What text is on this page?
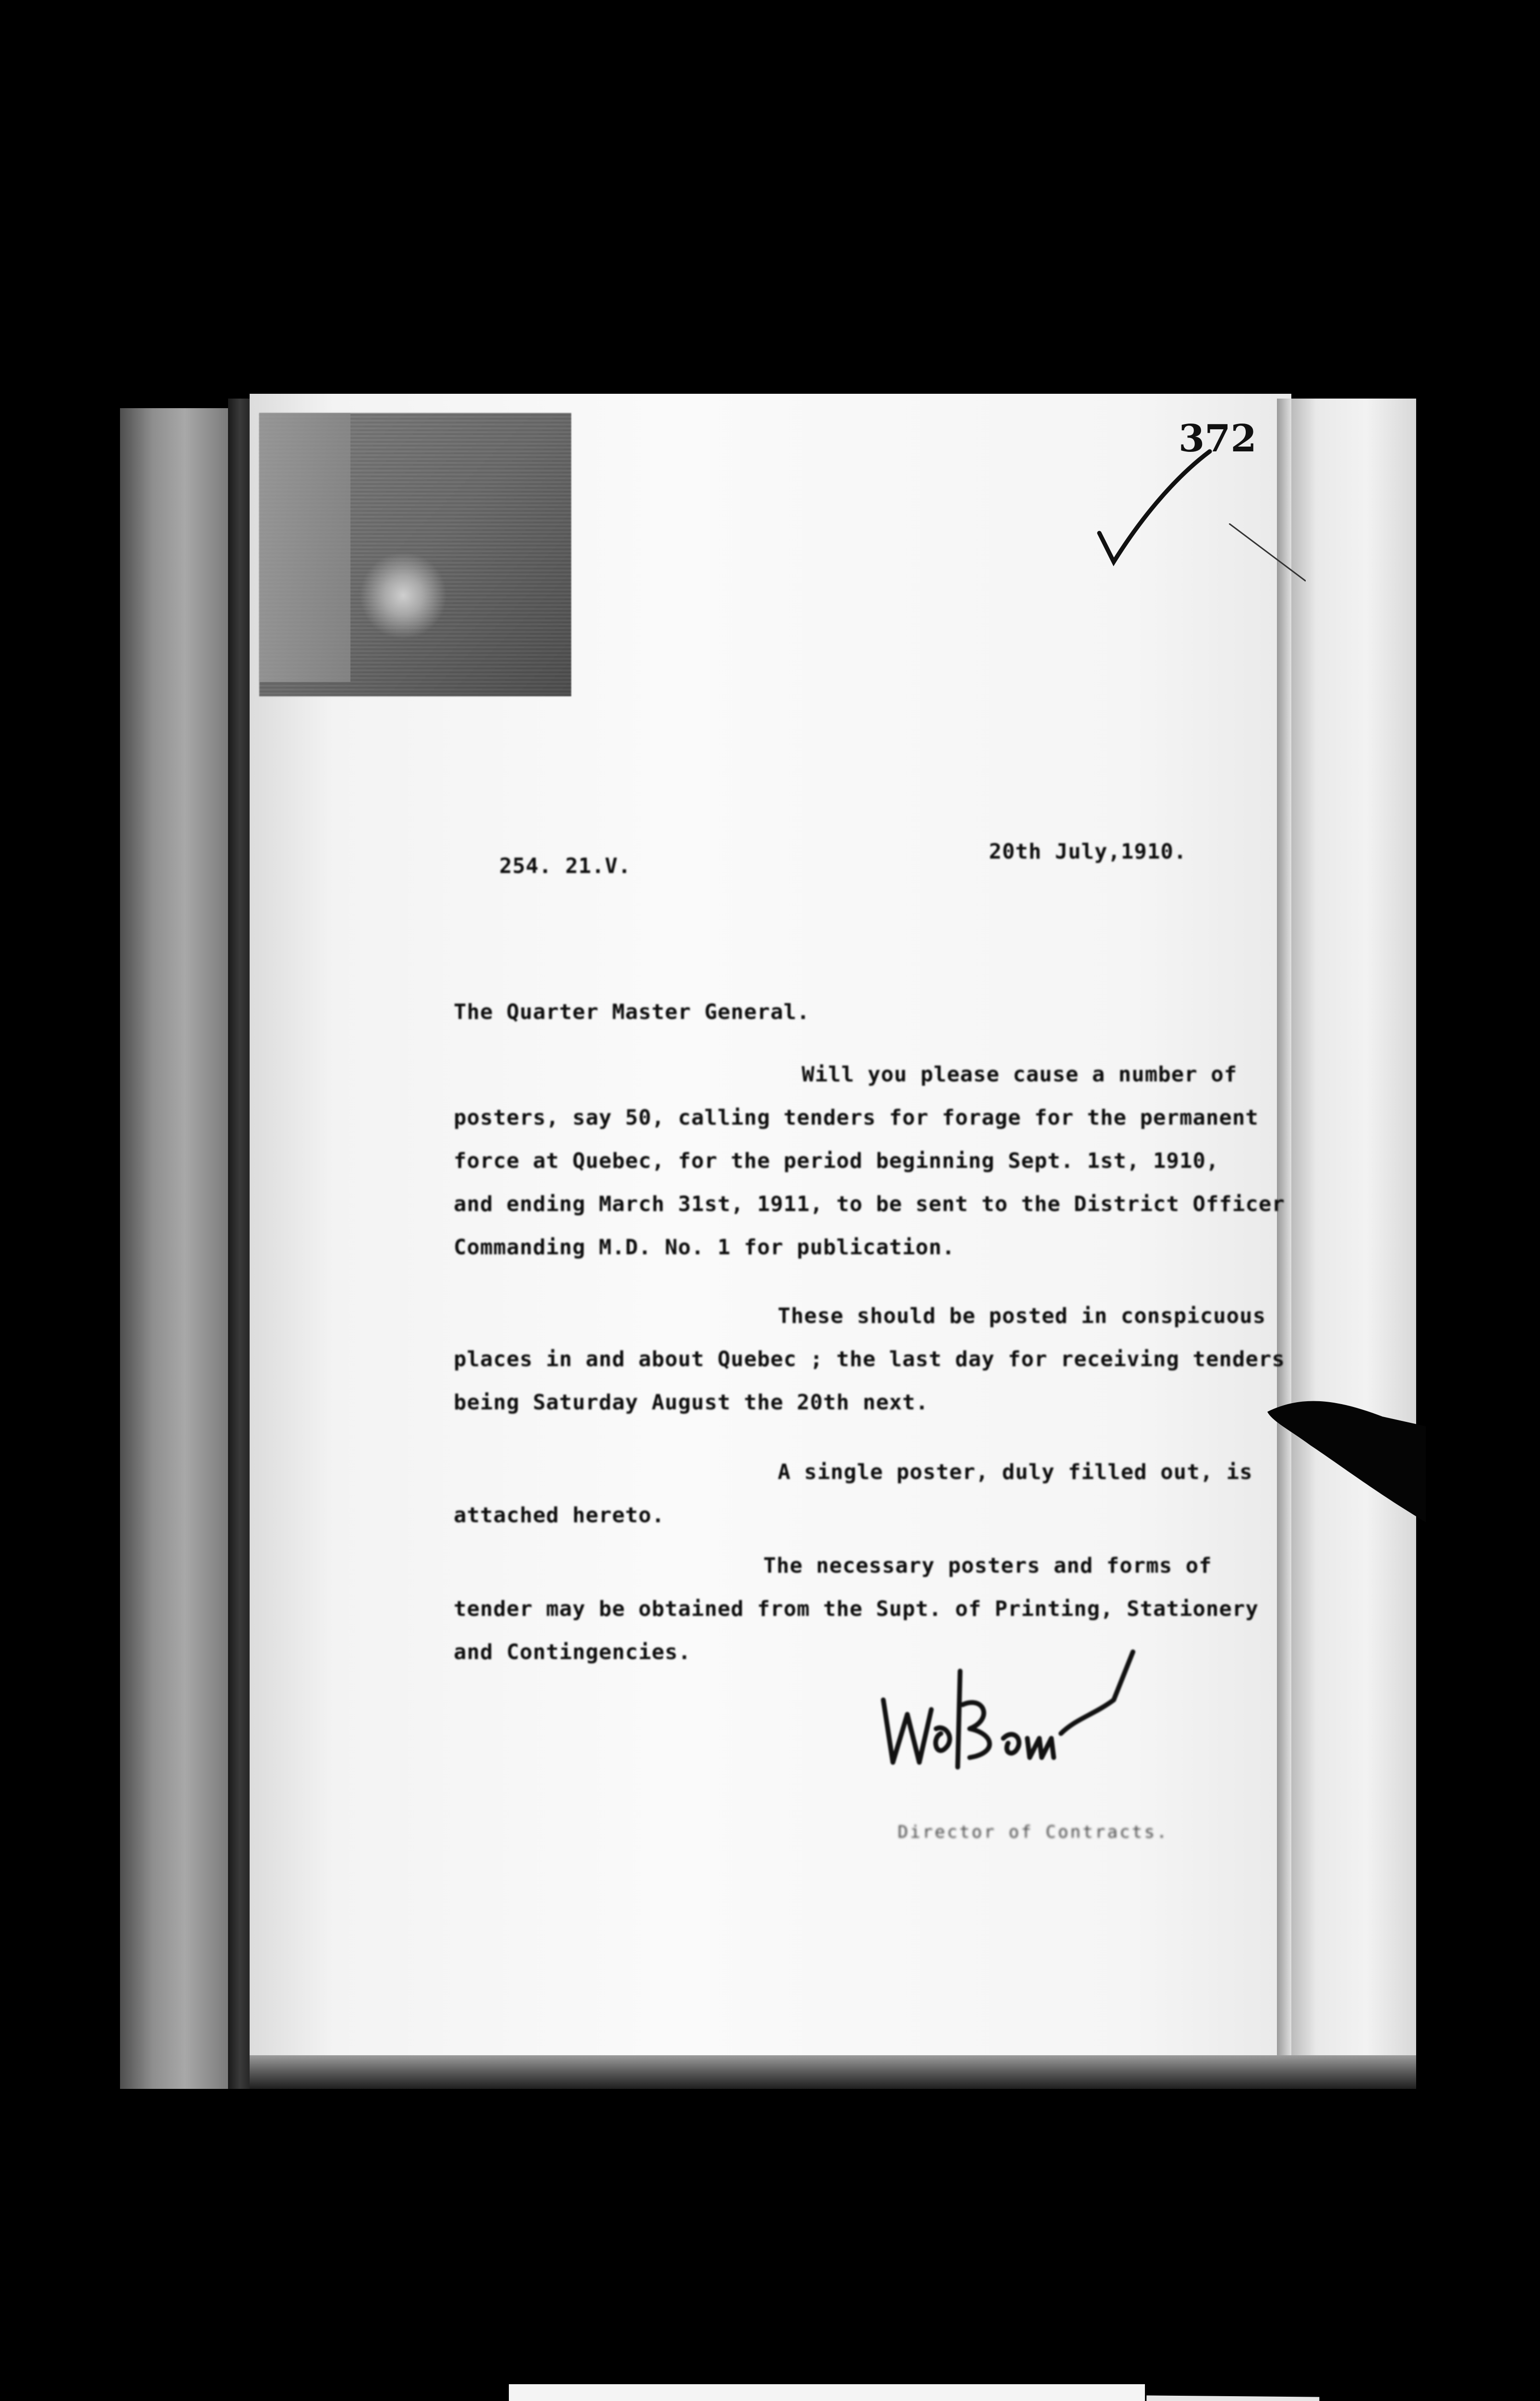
372
254. 21.V.
20th July,1910.
The Quarter Master General.
Will you please cause a number of
posters, say 50, calling tenders for forage for the permanent
force at Quebec, for the period beginning Sept. 1st, 1910,
and ending March 31st, 1911, to be sent to the District Officer
Commanding M.D. No. 1 for publication.
These should be posted in conspicuous
places in and about Quebec ; the last day for receiving tenders
being Saturday August the 20th next.
A single poster, duly filled out, is
attached hereto.
The necessary posters and forms of
tender may be obtained from the Supt. of Printing, Stationery
and Contingencies.
Director of Contracts.
